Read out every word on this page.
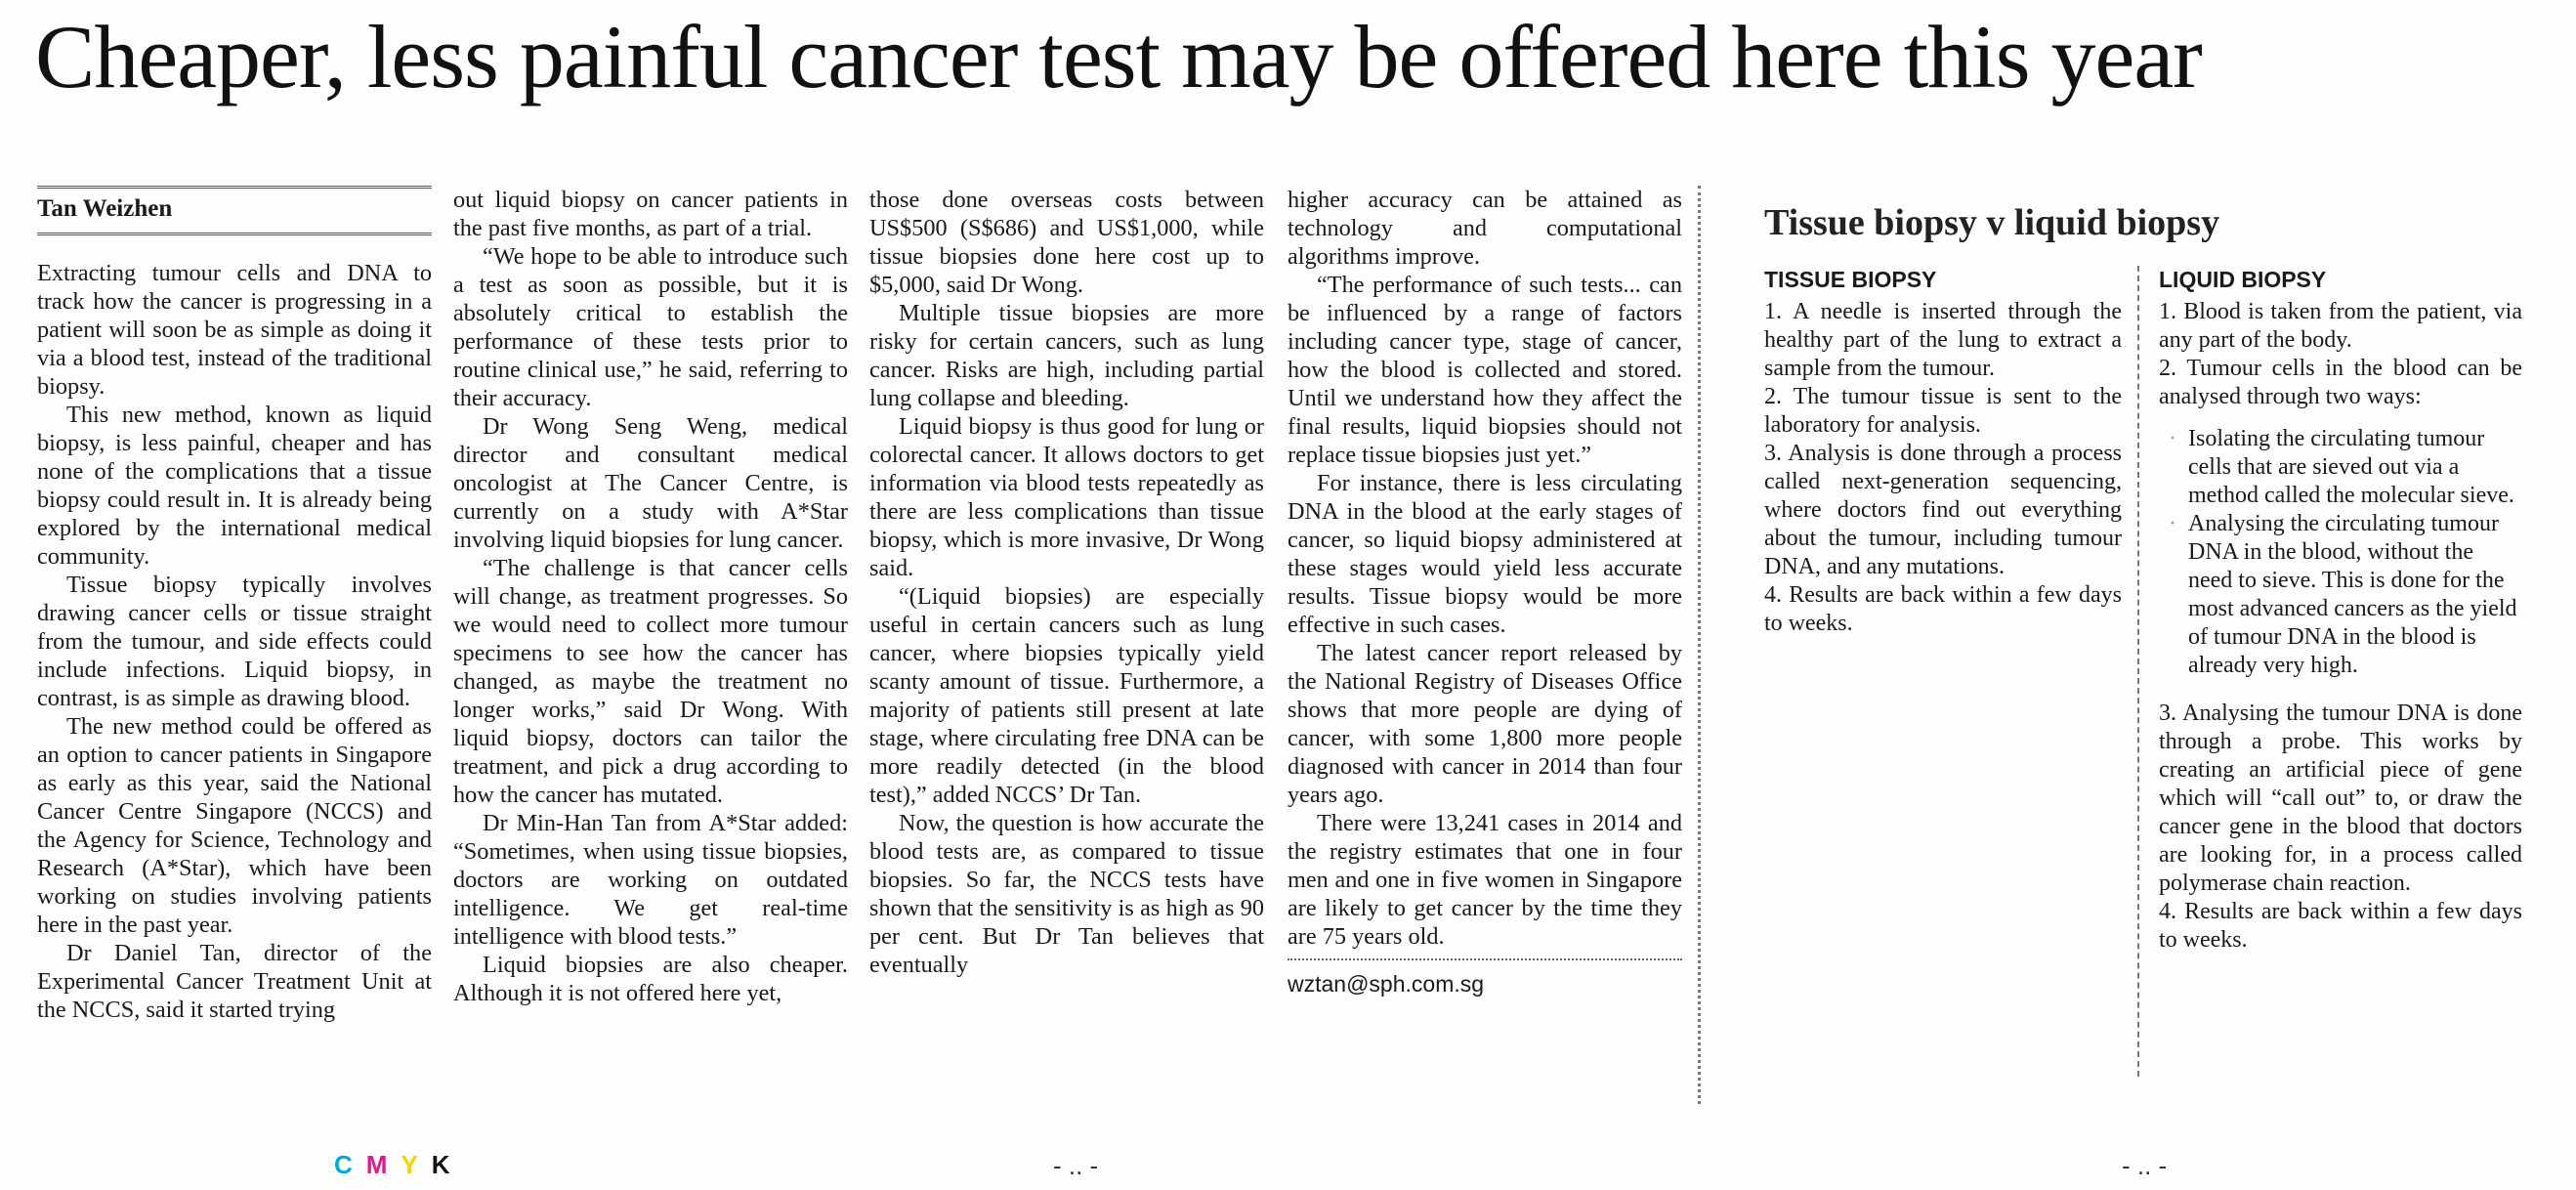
Cheaper, less painful cancer test may be offered here this year
Tan Weizhen

Extracting tumour cells and DNA to track how the cancer is progressing in a patient will soon be as simple as doing it via a blood test, instead of the traditional biopsy.

This new method, known as liquid biopsy, is less painful, cheaper and has none of the complications that a tissue biopsy could result in. It is already being explored by the international medical community.

Tissue biopsy typically involves drawing cancer cells or tissue straight from the tumour, and side effects could include infections. Liquid biopsy, in contrast, is as simple as drawing blood.

The new method could be offered as an option to cancer patients in Singapore as early as this year, said the National Cancer Centre Singapore (NCCS) and the Agency for Science, Technology and Research (A*Star), which have been working on studies involving patients here in the past year.

Dr Daniel Tan, director of the Experimental Cancer Treatment Unit at the NCCS, said it started trying

out liquid biopsy on cancer patients in the past five months, as part of a trial.

“We hope to be able to introduce such a test as soon as possible, but it is absolutely critical to establish the performance of these tests prior to routine clinical use,” he said, referring to their accuracy.

Dr Wong Seng Weng, medical director and consultant medical oncologist at The Cancer Centre, is currently on a study with A*Star involving liquid biopsies for lung cancer.

“The challenge is that cancer cells will change, as treatment progresses. So we would need to collect more tumour specimens to see how the cancer has changed, as maybe the treatment no longer works,” said Dr Wong. With liquid biopsy, doctors can tailor the treatment, and pick a drug according to how the cancer has mutated.

Dr Min-Han Tan from A*Star added: “Sometimes, when using tissue biopsies, doctors are working on outdated intelligence. We get real-time intelligence with blood tests.”

Liquid biopsies are also cheaper. Although it is not offered here yet,

those done overseas costs between US$500 (S$686) and US$1,000, while tissue biopsies done here cost up to $5,000, said Dr Wong.

Multiple tissue biopsies are more risky for certain cancers, such as lung cancer. Risks are high, including partial lung collapse and bleeding.

Liquid biopsy is thus good for lung or colorectal cancer. It allows doctors to get information via blood tests repeatedly as there are less complications than tissue biopsy, which is more invasive, Dr Wong said.

“(Liquid biopsies) are especially useful in certain cancers such as lung cancer, where biopsies typically yield scanty amount of tissue. Furthermore, a majority of patients still present at late stage, where circulating free DNA can be more readily detected (in the blood test),” added NCCS’ Dr Tan.

Now, the question is how accurate the blood tests are, as compared to tissue biopsies. So far, the NCCS tests have shown that the sensitivity is as high as 90 per cent. But Dr Tan believes that eventually

higher accuracy can be attained as technology and computational algorithms improve.

“The performance of such tests... can be influenced by a range of factors including cancer type, stage of cancer, how the blood is collected and stored. Until we understand how they affect the final results, liquid biopsies should not replace tissue biopsies just yet.”

For instance, there is less circulating DNA in the blood at the early stages of cancer, so liquid biopsy administered at these stages would yield less accurate results. Tissue biopsy would be more effective in such cases.

The latest cancer report released by the National Registry of Diseases Office shows that more people are dying of cancer, with some 1,800 more people diagnosed with cancer in 2014 than four years ago.

There were 13,241 cases in 2014 and the registry estimates that one in four men and one in five women in Singapore are likely to get cancer by the time they are 75 years old.

wztan@sph.com.sg
Tissue biopsy v liquid biopsy
TISSUE BIOPSY

1. A needle is inserted through the healthy part of the lung to extract a sample from the tumour.

2. The tumour tissue is sent to the laboratory for analysis.

3. Analysis is done through a process called next-generation sequencing, where doctors find out everything about the tumour, including tumour DNA, and any mutations.

4. Results are back within a few days to weeks.

LIQUID BIOPSY

1. Blood is taken from the patient, via any part of the body.

2. Tumour cells in the blood can be analysed through two ways:

· Isolating the circulating tumour cells that are sieved out via a method called the molecular sieve.
· Analysing the circulating tumour DNA in the blood, without the need to sieve. This is done for the most advanced cancers as the yield of tumour DNA in the blood is already very high.

3. Analysing the tumour DNA is done through a probe. This works by creating an artificial piece of gene which will “call out” to, or draw the cancer gene in the blood that doctors are looking for, in a process called polymerase chain reaction.

4. Results are back within a few days to weeks.

CMYK	- .. -	- .. -
